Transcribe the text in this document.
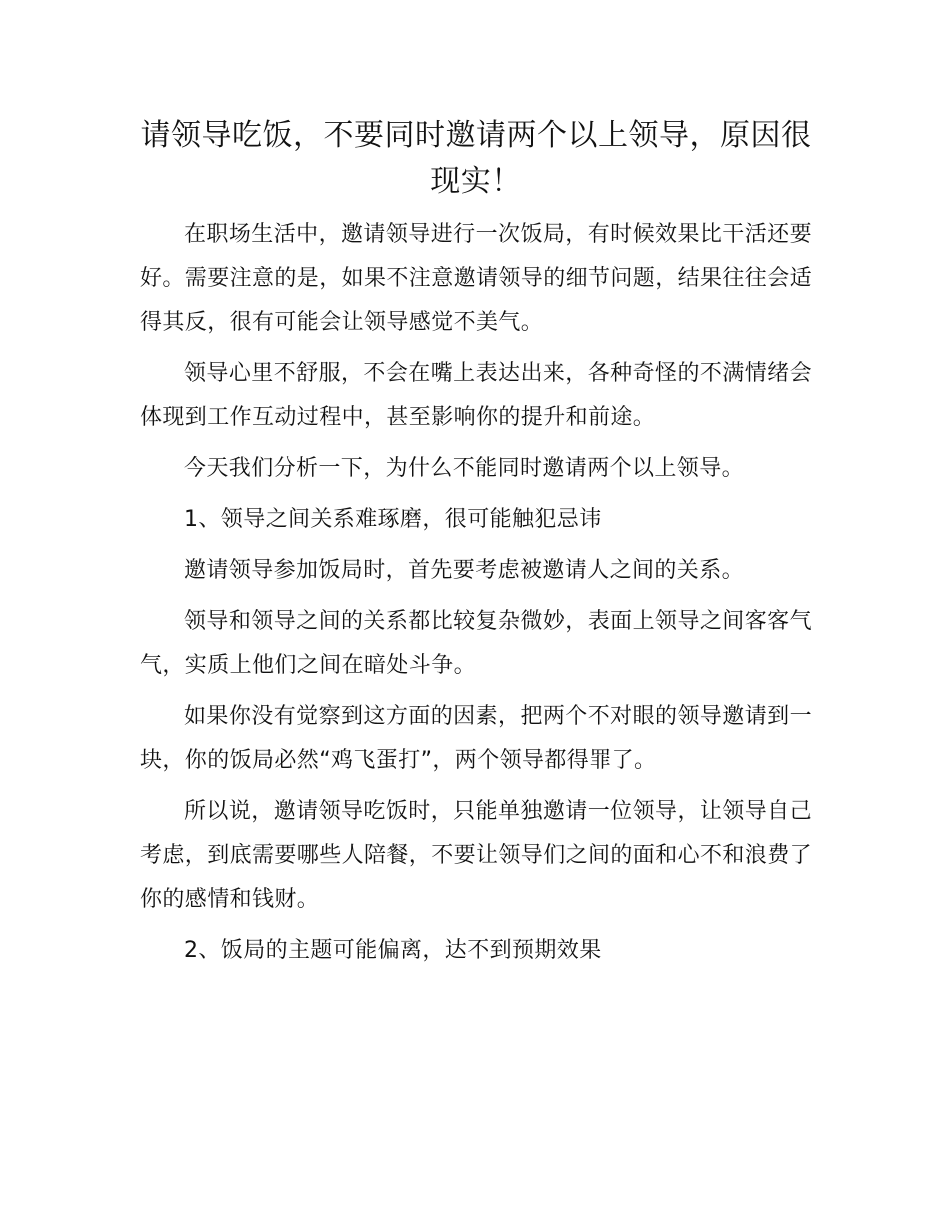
请领导吃饭，不要同时邀请两个以上领导，原因很现实！

在职场生活中，邀请领导进行一次饭局，有时候效果比干活还要好。需要注意的是，如果不注意邀请领导的细节问题，结果往往会适得其反，很有可能会让领导感觉不美气。

领导心里不舒服，不会在嘴上表达出来，各种奇怪的不满情绪会体现到工作互动过程中，甚至影响你的提升和前途。

今天我们分析一下，为什么不能同时邀请两个以上领导。

1、领导之间关系难琢磨，很可能触犯忌讳

邀请领导参加饭局时，首先要考虑被邀请人之间的关系。

领导和领导之间的关系都比较复杂微妙，表面上领导之间客客气气，实质上他们之间在暗处斗争。

如果你没有觉察到这方面的因素，把两个不对眼的领导邀请到一块，你的饭局必然“鸡飞蛋打”，两个领导都得罪了。

所以说，邀请领导吃饭时，只能单独邀请一位领导，让领导自己考虑，到底需要哪些人陪餐，不要让领导们之间的面和心不和浪费了你的感情和钱财。

2、饭局的主题可能偏离，达不到预期效果
